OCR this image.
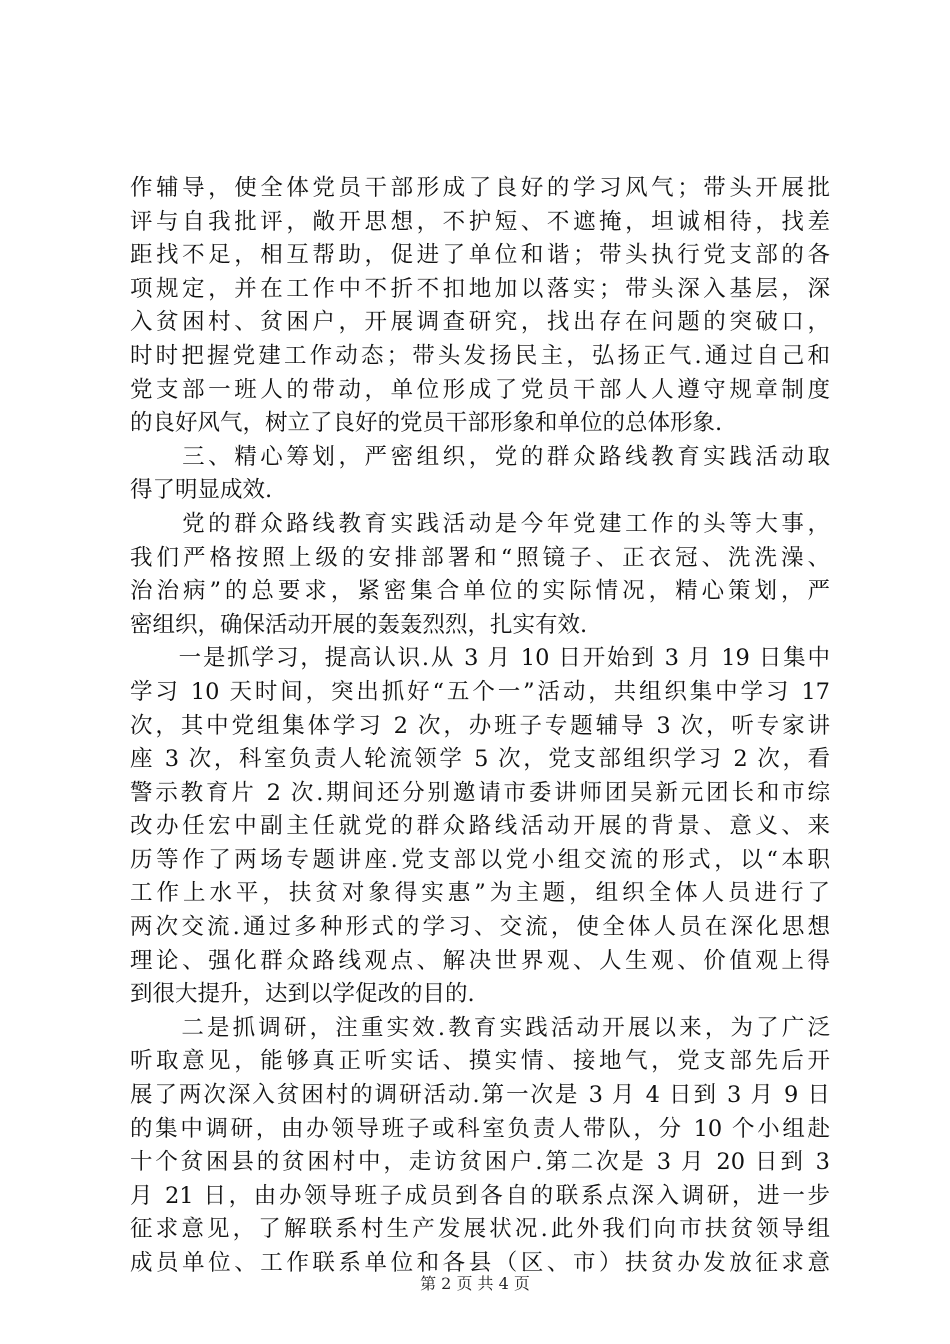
作辅导，使全体党员干部形成了良好的学习风气；带头开展批
评与自我批评，敞开思想，不护短、不遮掩，坦诚相待，找差
距找不足，相互帮助，促进了单位和谐；带头执行党支部的各
项规定，并在工作中不折不扣地加以落实；带头深入基层，深
入贫困村、贫困户，开展调查研究，找出存在问题的突破口，
时时把握党建工作动态；带头发扬民主，弘扬正气.通过自己和
党支部一班人的带动，单位形成了党员干部人人遵守规章制度
的良好风气，树立了良好的党员干部形象和单位的总体形象.
　　三、精心筹划，严密组织，党的群众路线教育实践活动取
得了明显成效.
　　党的群众路线教育实践活动是今年党建工作的头等大事，
我们严格按照上级的安排部署和“照镜子、正衣冠、洗洗澡、
治治病”的总要求，紧密集合单位的实际情况，精心策划，严
密组织，确保活动开展的轰轰烈烈，扎实有效.
　　一是抓学习，提高认识.从 3 月 10 日开始到 3 月 19 日集中
学习 10 天时间，突出抓好“五个一”活动，共组织集中学习 17
次，其中党组集体学习 2 次，办班子专题辅导 3 次，听专家讲
座 3 次，科室负责人轮流领学 5 次，党支部组织学习 2 次，看
警示教育片 2 次.期间还分别邀请市委讲师团吴新元团长和市综
改办任宏中副主任就党的群众路线活动开展的背景、意义、来
历等作了两场专题讲座.党支部以党小组交流的形式，以“本职
工作上水平，扶贫对象得实惠”为主题，组织全体人员进行了
两次交流.通过多种形式的学习、交流，使全体人员在深化思想
理论、强化群众路线观点、解决世界观、人生观、价值观上得
到很大提升，达到以学促改的目的.
　　二是抓调研，注重实效.教育实践活动开展以来，为了广泛
听取意见，能够真正听实话、摸实情、接地气，党支部先后开
展了两次深入贫困村的调研活动.第一次是 3 月 4 日到 3 月 9 日
的集中调研，由办领导班子或科室负责人带队，分 10 个小组赴
十个贫困县的贫困村中，走访贫困户.第二次是 3 月 20 日到 3
月 21 日，由办领导班子成员到各自的联系点深入调研，进一步
征求意见，了解联系村生产发展状况.此外我们向市扶贫领导组
成员单位、工作联系单位和各县（区、市）扶贫办发放征求意
第 2 页 共 4 页
